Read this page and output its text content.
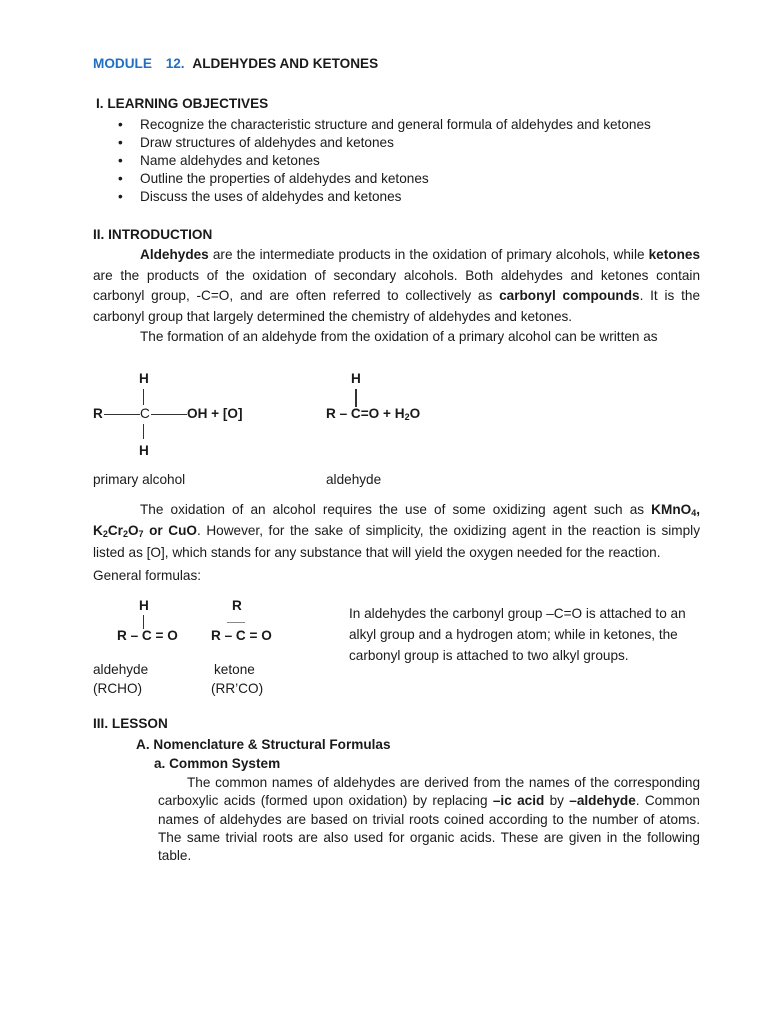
MODULE 12. ALDEHYDES AND KETONES
I. LEARNING OBJECTIVES
• Recognize the characteristic structure and general formula of aldehydes and ketones
• Draw structures of aldehydes and ketones
• Name aldehydes and ketones
• Outline the properties of aldehydes and ketones
• Discuss the uses of aldehydes and ketones
II. INTRODUCTION
Aldehydes are the intermediate products in the oxidation of primary alcohols, while ketones are the products of the oxidation of secondary alcohols. Both aldehydes and ketones contain carbonyl group, -C=O, and are often referred to collectively as carbonyl compounds. It is the carbonyl group that largely determined the chemistry of aldehydes and ketones.
The formation of an aldehyde from the oxidation of a primary alcohol can be written as
H
R	C	OH + [O]
H
H
$R - C=O + H_2O$
primary alcohol	aldehyde
The oxidation of an alcohol requires the use of some oxidizing agent such as KMnO$_4$, $K_2Cr_2O_7$ or CuO. However, for the sake of simplicity, the oxidizing agent in the reaction is simply listed as [O], which stands for any substance that will yield the oxygen needed for the reaction.
General formulas:
H
R – C = O
R
R – C = O
aldehyde
(RCHO)
ketone
(RR’CO)
In aldehydes the carbonyl group –C=O is attached to an alkyl group and a hydrogen atom; while in ketones, the carbonyl group is attached to two alkyl groups.
III. LESSON
A. Nomenclature & Structural Formulas
a. Common System
The common names of aldehydes are derived from the names of the corresponding carboxylic acids (formed upon oxidation) by replacing –ic acid by –aldehyde. Common names of aldehydes are based on trivial roots coined according to the number of atoms. The same trivial roots are also used for organic acids. These are given in the following table.
